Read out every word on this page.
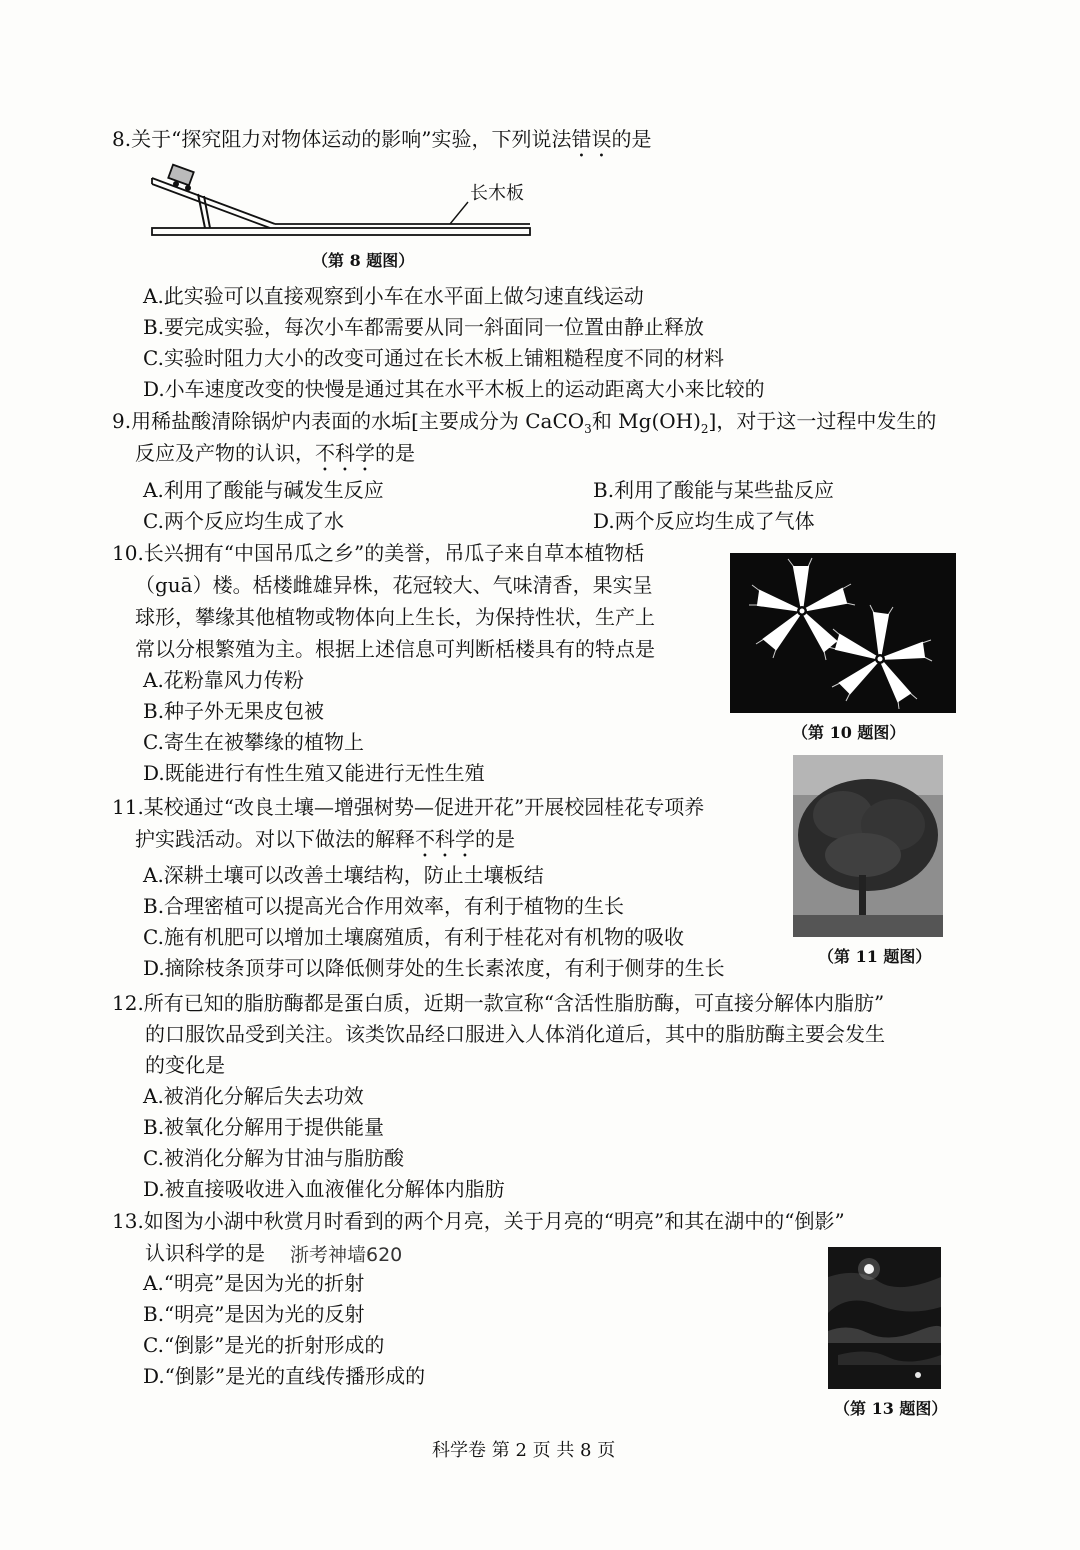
8.关于“探究阻力对物体运动的影响”实验，下列说法错误的是
长木板
（第 8 题图）
A.此实验可以直接观察到小车在水平面上做匀速直线运动
B.要完成实验，每次小车都需要从同一斜面同一位置由静止释放
C.实验时阻力大小的改变可通过在长木板上铺粗糙程度不同的材料
D.小车速度改变的快慢是通过其在水平木板上的运动距离大小来比较的
9.用稀盐酸清除锅炉内表面的水垢[主要成分为 CaCO$_3$和 $Mg(OH)_2$]，对于这一过程中发生的
反应及产物的认识，不科学的是
A.利用了酸能与碱发生反应	B.利用了酸能与某些盐反应
C.两个反应均生成了水	D.两个反应均生成了气体
10.长兴拥有“中国吊瓜之乡”的美誉，吊瓜子来自草本植物栝
（guā）楼。栝楼雌雄异株，花冠较大、气味清香，果实呈
球形，攀缘其他植物或物体向上生长，为保持性状，生产上
常以分根繁殖为主。根据上述信息可判断栝楼具有的特点是
A.花粉靠风力传粉
B.种子外无果皮包被
C.寄生在被攀缘的植物上
D.既能进行有性生殖又能进行无性生殖
（第 10 题图）
11.某校通过“改良土壤—增强树势—促进开花”开展校园桂花专项养
护实践活动。对以下做法的解释不科学的是
A.深耕土壤可以改善土壤结构，防止土壤板结
B.合理密植可以提高光合作用效率，有利于植物的生长
C.施有机肥可以增加土壤腐殖质，有利于桂花对有机物的吸收
D.摘除枝条顶芽可以降低侧芽处的生长素浓度，有利于侧芽的生长	（第 11 题图）
12.所有已知的脂肪酶都是蛋白质，近期一款宣称“含活性脂肪酶，可直接分解体内脂肪”
的口服饮品受到关注。该类饮品经口服进入人体消化道后，其中的脂肪酶主要会发生
的变化是
A.被消化分解后失去功效
B.被氧化分解用于提供能量
C.被消化分解为甘油与脂肪酸
D.被直接吸收进入血液催化分解体内脂肪
13.如图为小湖中秋赏月时看到的两个月亮，关于月亮的“明亮”和其在湖中的“倒影”
认识科学的是 浙考神墙620
A.“明亮”是因为光的折射
B.“明亮”是因为光的反射
C.“倒影”是光的折射形成的
D.“倒影”是光的直线传播形成的
（第 13 题图）
科学卷 第 2 页 共 8 页
